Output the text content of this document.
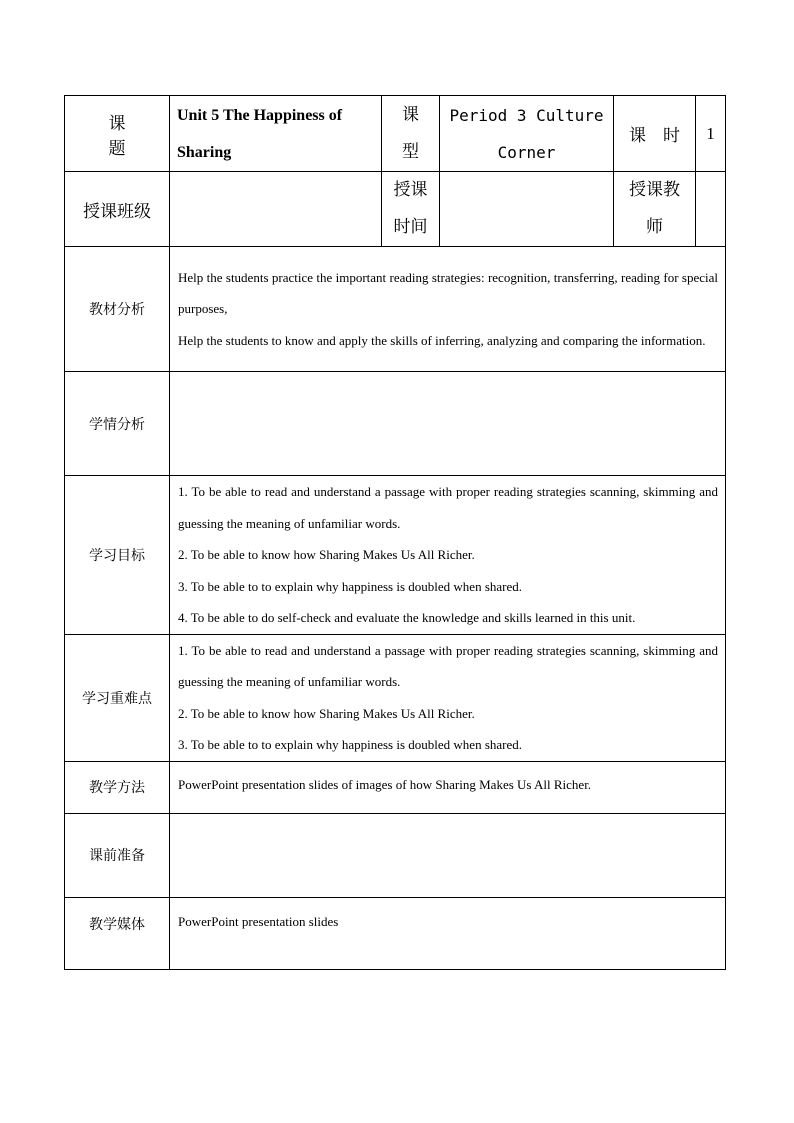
课　题	Unit 5 The Happiness of Sharing	课型	Period 3 Culture Corner	课　时	1
授课班级		授课时间		授课教师	
教材分析	Help the students practice the important reading strategies: recognition, transferring, reading for special purposes,

Help the students to know and apply the skills of inferring, analyzing and comparing the information.				

学情分析					
学习目标	1. To be able to read and understand a passage with proper reading strategies scanning, skimming and guessing the meaning of unfamiliar words.

2. To be able to know how Sharing Makes Us All Richer.

3. To be able to to explain why happiness is doubled when shared.

4. To be able to do self-check and evaluate the knowledge and skills learned in this unit.				

学习重难点	1. To be able to read and understand a passage with proper reading strategies scanning, skimming and guessing the meaning of unfamiliar words.

2. To be able to know how Sharing Makes Us All Richer.

3. To be able to to explain why happiness is doubled when shared.				

教学方法	PowerPoint presentation slides of images of how Sharing Makes Us All Richer.				

课前准备					
教学媒体	PowerPoint presentation slides				
